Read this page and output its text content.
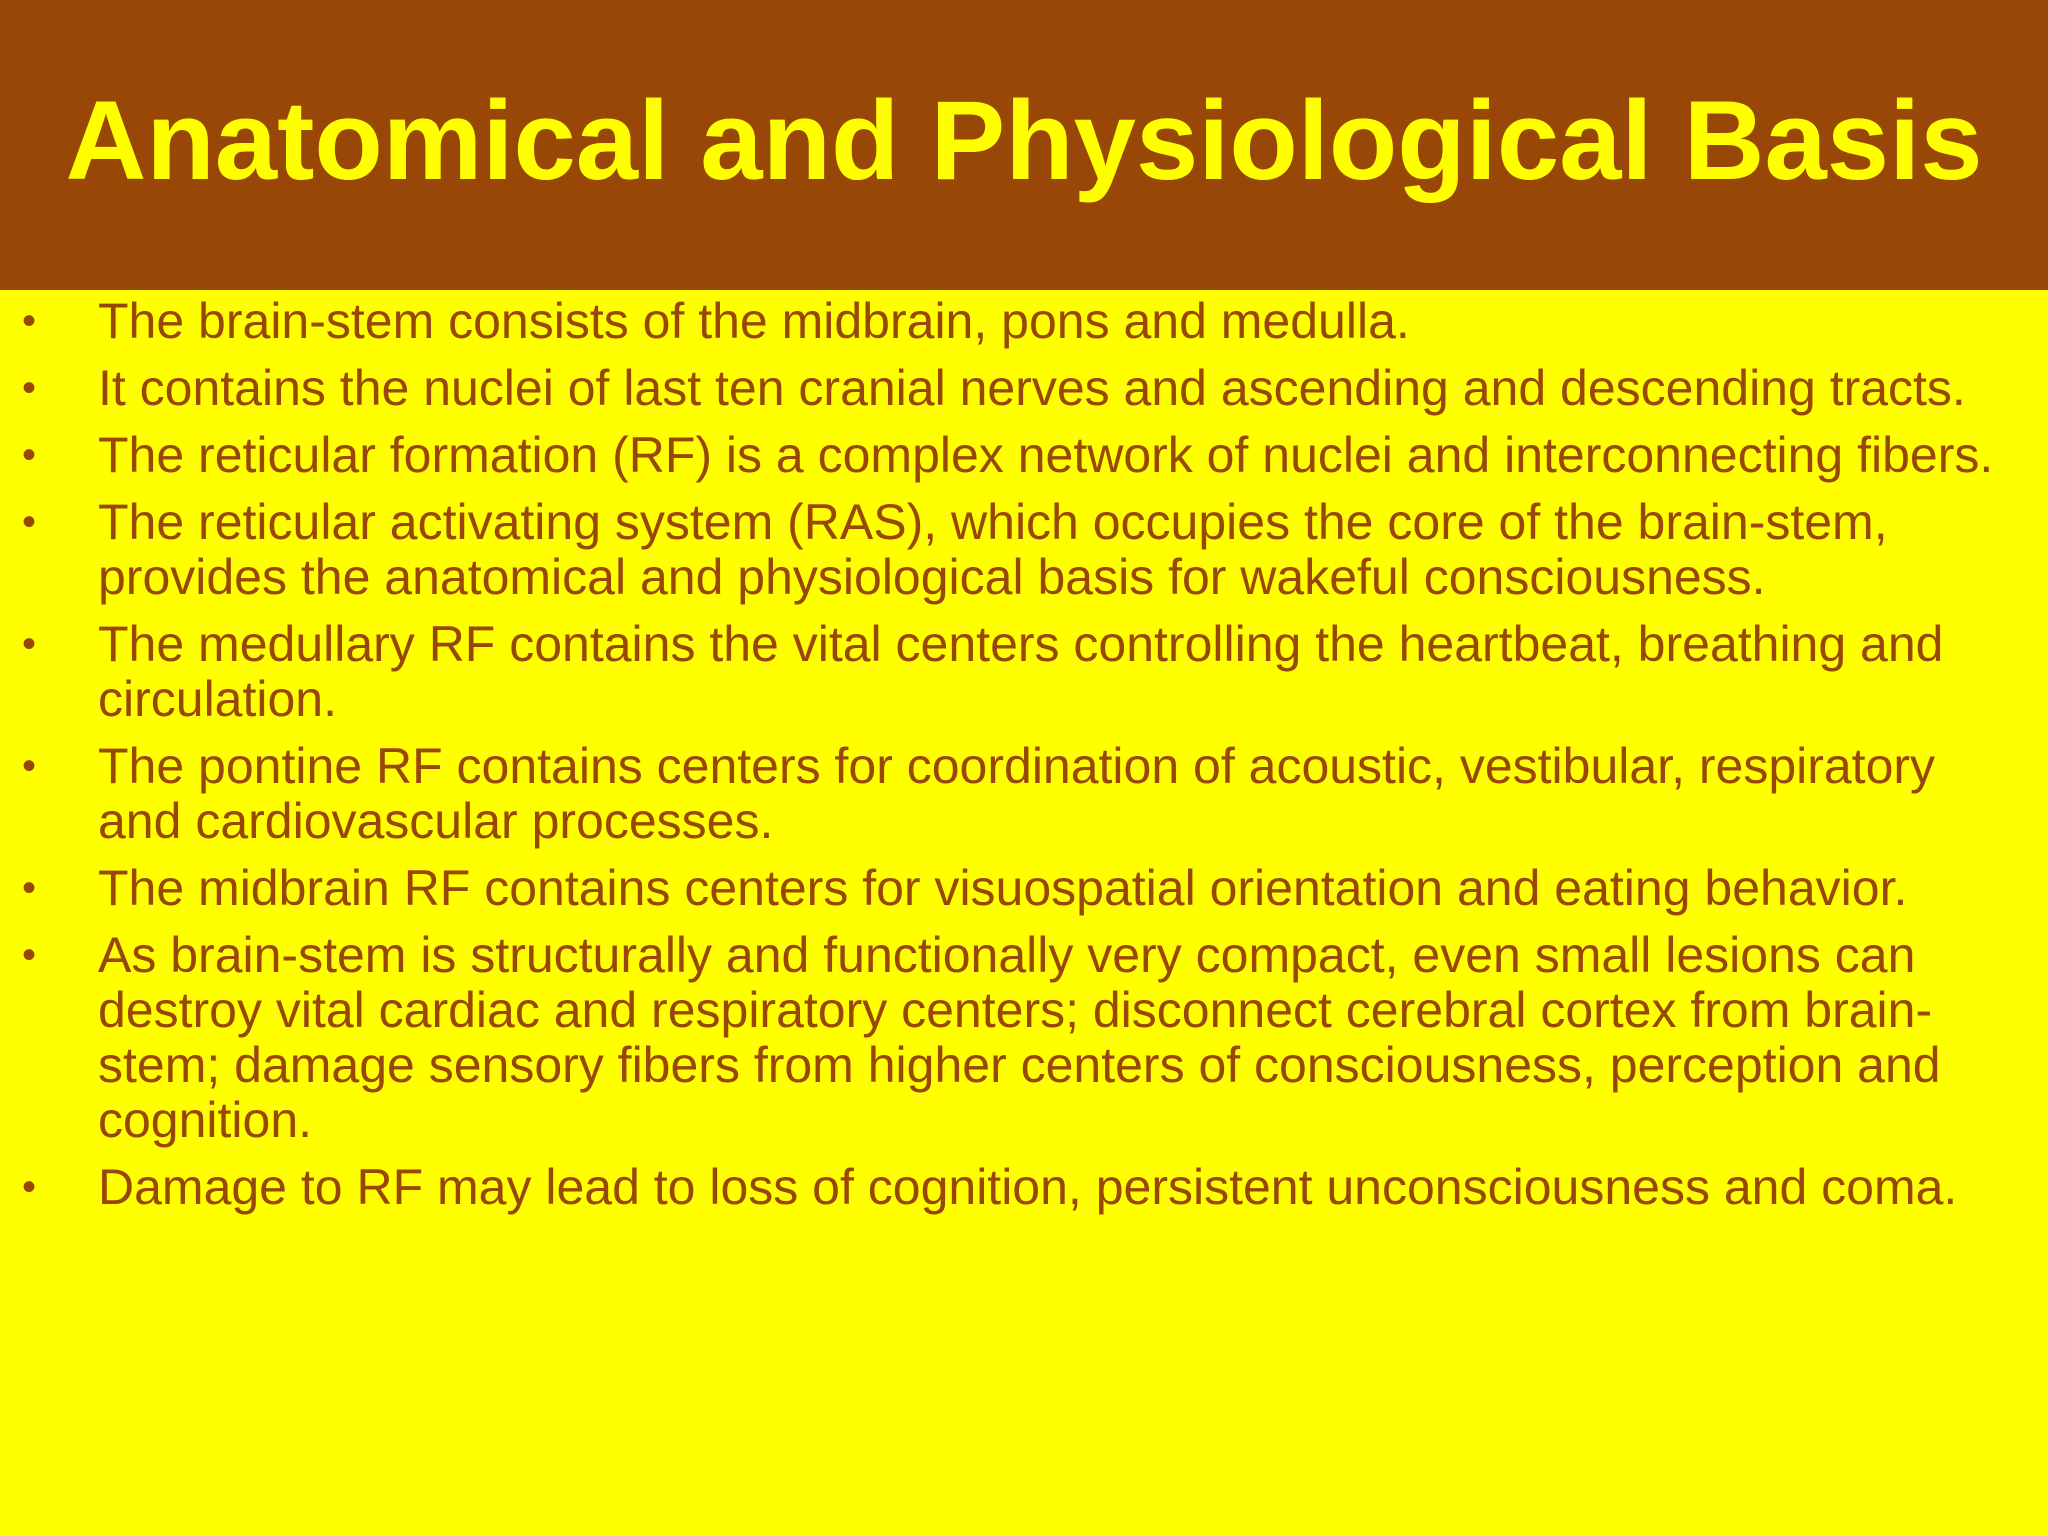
Anatomical and Physiological Basis
•	The brain-stem consists of the midbrain, pons and medulla.
•	It contains the nuclei of last ten cranial nerves and ascending and descending tracts.
•	The reticular formation (RF) is a complex network of nuclei and interconnecting fibers.
•	The reticular activating system (RAS), which occupies the core of the brain-stem, provides the anatomical and physiological basis for wakeful consciousness.
•	The medullary RF contains the vital centers controlling the heartbeat, breathing and circulation.
•	The pontine RF contains centers for coordination of acoustic, vestibular, respiratory and cardiovascular processes.
•	The midbrain RF contains centers for visuospatial orientation and eating behavior.
•	As brain-stem is structurally and functionally very compact, even small lesions can destroy vital cardiac and respiratory centers; disconnect cerebral cortex from brain-stem; damage sensory fibers from higher centers of consciousness, perception and cognition.
•	Damage to RF may lead to loss of cognition, persistent unconsciousness and coma.
